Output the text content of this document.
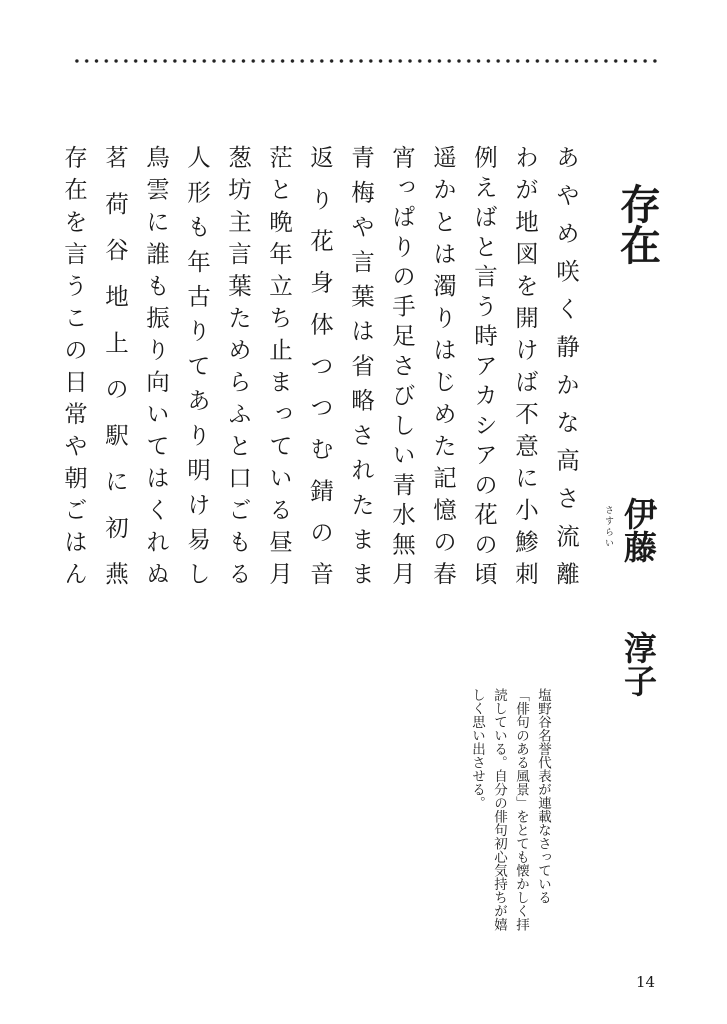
存在
伊藤淳子
あやめ咲く静かな高さ流離
わが地図を開けば不意に小鯵刺
例えばと言う時アカシアの花の頃
遥かとは濁りはじめた記憶の春
宵っぱりの手足さびしい青水無月
青梅や言葉は省略されたまま
返り花身体つつむ錆の音
茫と晩年立ち止まっている昼月
葱坊主言葉ためらふと口ごもる
人形も年古りてあり明け易し
鳥雲に誰も振り向いてはくれぬ
茗荷谷地上の駅に初燕
存在を言うこの日常や朝ごはん	さすらい
塩野谷名誉代表が連載なさっている
「俳句のある風景」をとても懐かしく拝
読している。自分の俳句初心気持ちが嬉
しく思い出させる。
14
